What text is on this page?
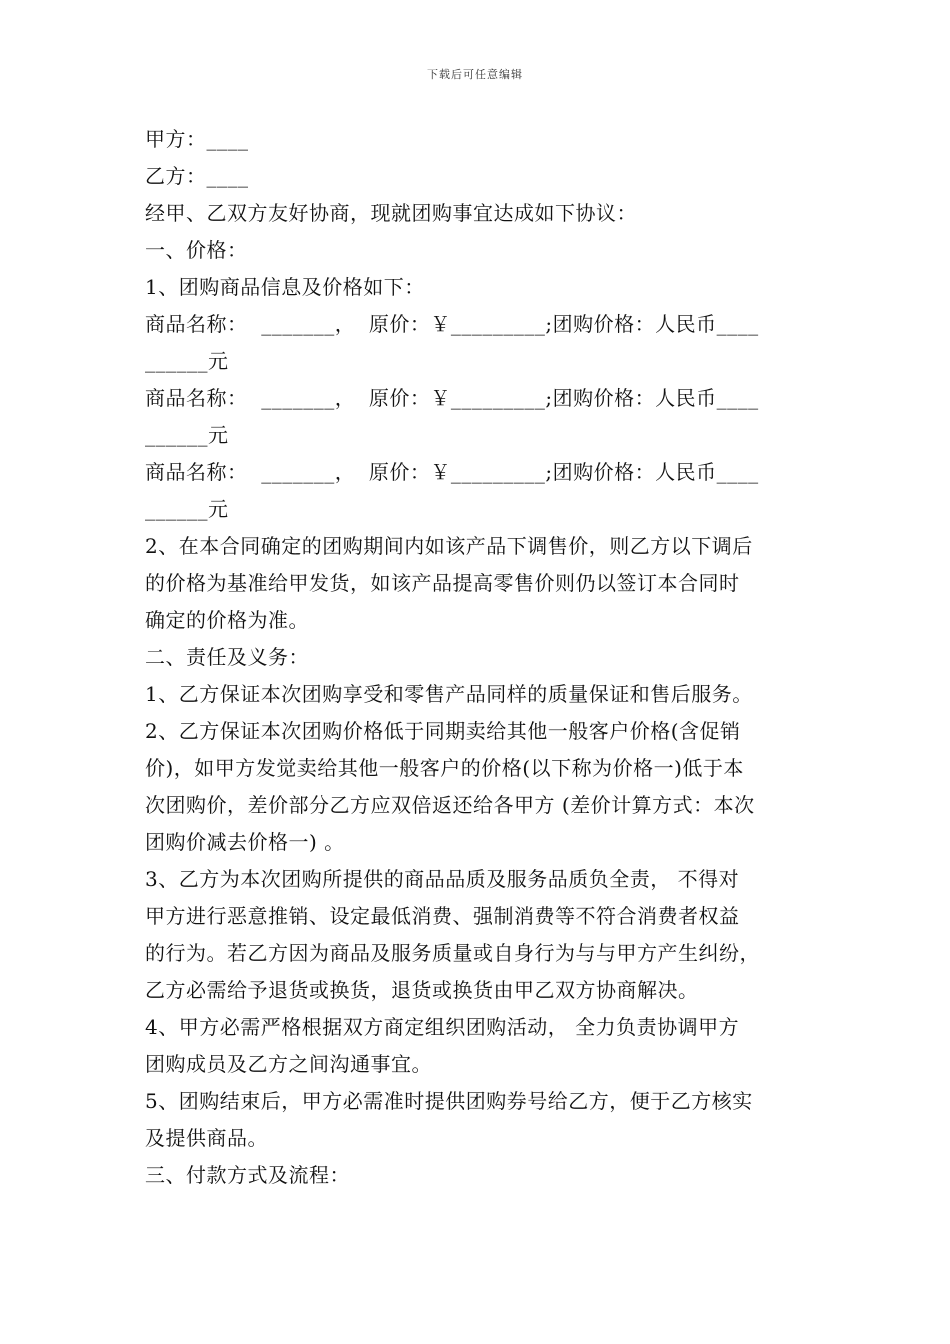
下载后可任意编辑
甲方：____
乙方：____
经甲、乙双方友好协商，现就团购事宜达成如下协议：
一、价格：
1、团购商品信息及价格如下：
商品名称：  _______，  原价：￥_________;团购价格：人民币____
______元
商品名称：  _______，  原价：￥_________;团购价格：人民币____
______元
商品名称：  _______，  原价：￥_________;团购价格：人民币____
______元
2、在本合同确定的团购期间内如该产品下调售价，则乙方以下调后
的价格为基准给甲发货，如该产品提高零售价则仍以签订本合同时
确定的价格为准。
二、责任及义务：
1、乙方保证本次团购享受和零售产品同样的质量保证和售后服务。
2、乙方保证本次团购价格低于同期卖给其他一般客户价格(含促销
价)，如甲方发觉卖给其他一般客户的价格(以下称为价格一)低于本
次团购价，差价部分乙方应双倍返还给各甲方 (差价计算方式：本次
团购价减去价格一) 。
3、乙方为本次团购所提供的商品品质及服务品质负全责， 不得对
甲方进行恶意推销、设定最低消费、强制消费等不符合消费者权益
的行为。若乙方因为商品及服务质量或自身行为与与甲方产生纠纷，
乙方必需给予退货或换货，退货或换货由甲乙双方协商解决。
4、甲方必需严格根据双方商定组织团购活动， 全力负责协调甲方
团购成员及乙方之间沟通事宜。
5、团购结束后，甲方必需准时提供团购券号给乙方，便于乙方核实
及提供商品。
三、付款方式及流程：
